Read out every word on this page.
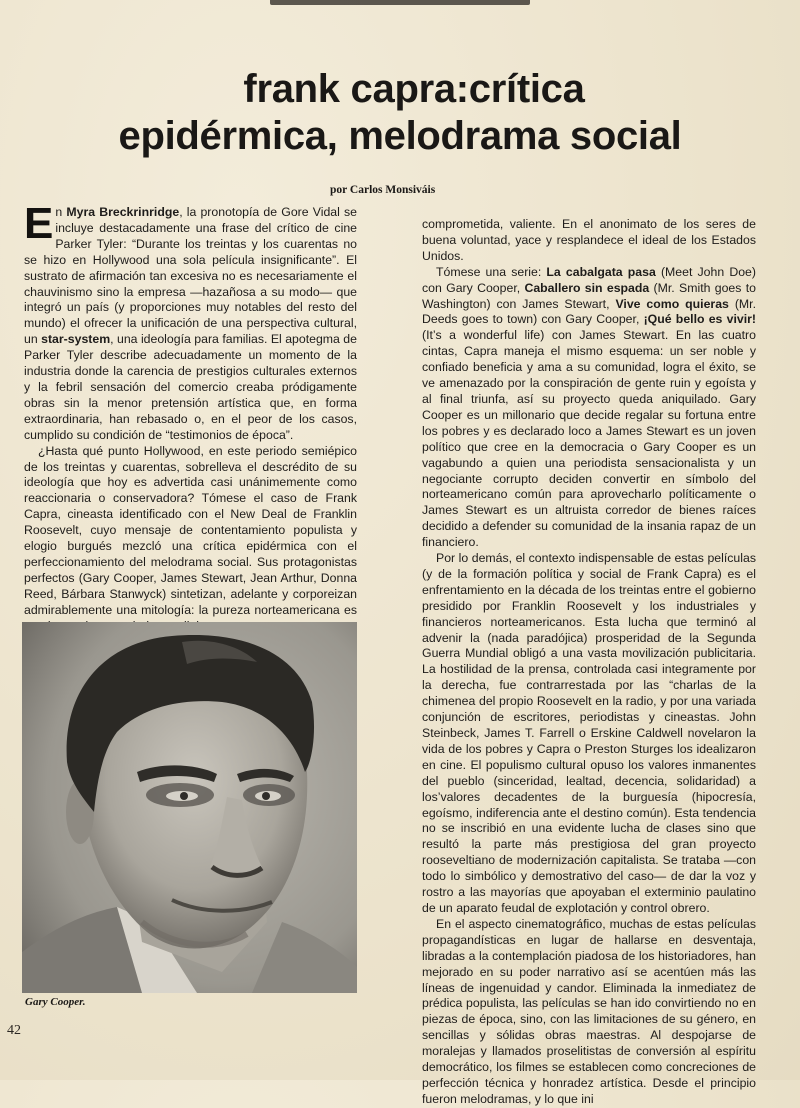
frank capra:crítica
epidérmica, melodrama social
por Carlos Monsiváis

En Myra Breckrinridge, la pronotopía de Gore Vidal se incluye destacadamente una frase del crítico de cine Parker Tyler: “Durante los treintas y los cuarentas no se hizo en Hollywood una sola película insignificante”. El sustrato de afirmación tan excesiva no es necesariamente el chauvinismo sino la empresa —hazañosa a su modo— que integró un país (y proporciones muy notables del resto del mundo) el ofrecer la unificación de una perspectiva cultural, un star-system, una ideología para familias. El apotegma de Parker Tyler describe adecuadamente un momento de la industria donde la carencia de prestigios culturales externos y la febril sensación del comercio creaba pródigamente obras sin la menor pretensión artística que, en forma extraordinaria, han rebasado o, en el peor de los casos, cumplido su condición de “testimonios de época”.

¿Hasta qué punto Hollywood, en este periodo semiépico de los treintas y cuarentas, sobrelleva el descrédito de su ideología que hoy es advertida casi unánimemente como reaccionaria o conservadora? Tómese el caso de Frank Capra, cineasta identificado con el New Deal de Franklin Roosevelt, cuyo mensaje de contentamiento populista y elogio burgués mezcló una crítica epidérmica con el perfeccionamiento del melodrama social. Sus protagonistas perfectos (Gary Cooper, James Stewart, Jean Arthur, Donna Reed, Bárbara Stanwyck) sintetizan, adelante y corporeizan admirablemente una mitología: la pureza norteamericana es

comprometida, valiente. En el anonimato de los seres de buena voluntad, yace y resplandece el ideal de los Estados Unidos.

Tómese una serie: La cabalgata pasa (Meet John Doe) con Gary Cooper, Caballero sin espada (Mr. Smith goes to Washington) con James Stewart, Vive como quieras (Mr. Deeds goes to town) con Gary Cooper, ¡Qué bello es vivir! (It’s a wonderful life) con James Stewart. En las cuatro cintas, Capra maneja el mismo esquema: un ser noble y confiado beneficia y ama a su comunidad, logra el éxito, se ve amenazado por la conspiración de gente ruin y egoísta y al final triunfa, así su proyecto queda aniquilado. Gary Cooper es un millonario que decide regalar su fortuna entre los pobres y es declarado loco a James Stewart es un joven político que cree en la democracia o Gary Cooper es un vagabundo a quien una periodista sensacionalista y un negociante corrupto deciden convertir en símbolo del norteamericano común para aprovecharlo políticamente o James Stewart es un altruista corredor de bienes raíces decidido a defender su comunidad de la insania rapaz de un financiero.

Por lo demás, el contexto indispensable de estas películas (y de la formación política y social de Frank Capra) es el enfrentamiento en la década de los treintas entre el gobierno presidido por Franklin Roosevelt y los industriales y financieros norteamericanos. Esta lucha que terminó al advenir la (nada paradójica) prosperidad de la Segunda Guerra Mundial obligó a una vasta movilización publicitaria. La hostilidad de la prensa, controlada casi integramente por la derecha, fue contrarrestada por las “charlas de la chimenea del propio Roosevelt en la radio, y por una variada conjunción de escritores, periodistas y cineastas. John Steinbeck, James T. Farrell o Erskine Caldwell novelaron la vida de los pobres y Capra o Preston Sturges los idealizaron en cine. El populismo cultural opuso los valores inmanentes del pueblo (sinceridad, lealtad, decencia, solidaridad) a los’valores decadentes de la burguesía (hipocresía, egoísmo, indiferencia ante el destino común). Esta tendencia no se inscribió en una evidente lucha de clases sino que resultó la parte más prestigiosa del gran proyecto rooseveltiano de modernización capitalista. Se trataba —con todo lo simbólico y demostrativo del caso— de dar la voz y rostro a las mayorías que apoyaban el exterminio paulatino de un aparato feudal de explotación y control obrero.

En el aspecto cinematográfico, muchas de estas películas propagandísticas en lugar de hallarse en desventaja, libradas a la contemplación piadosa de los historiadores, han mejorado en su poder narrativo así se acentúen más las líneas de ingenuidad y candor. Eliminada la inmediatez de prédica populista, las películas se han ido convirtiendo no en piezas de época, sino, con las limitaciones de su género, en sencillas y sólidas obras maestras. Al despojarse de moralejas y llamados proselitistas de conversión al espíritu democrático, los filmes se establecen como concreciones de perfección técnica y honradez artística. Desde el principio fueron melodramas, y lo que ini

Gary Cooper.
42
